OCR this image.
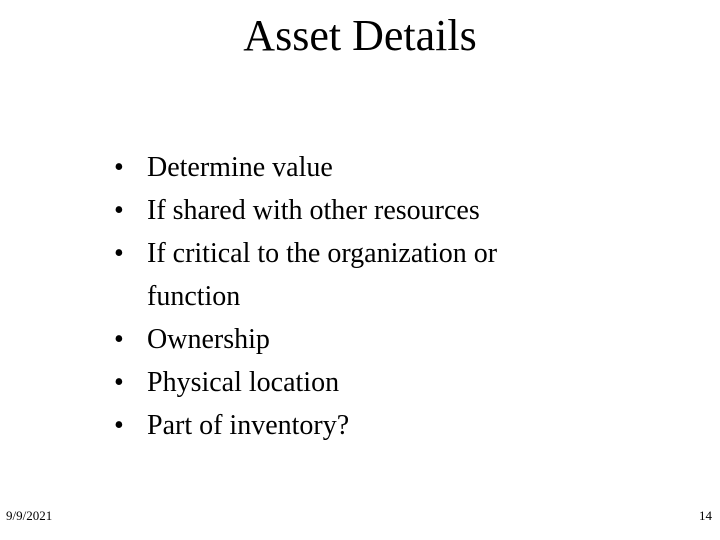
Asset Details
• Determine value
• If shared with other resources
• If critical to the organization or function
• Ownership
• Physical location
• Part of inventory?
9/9/2021	14
